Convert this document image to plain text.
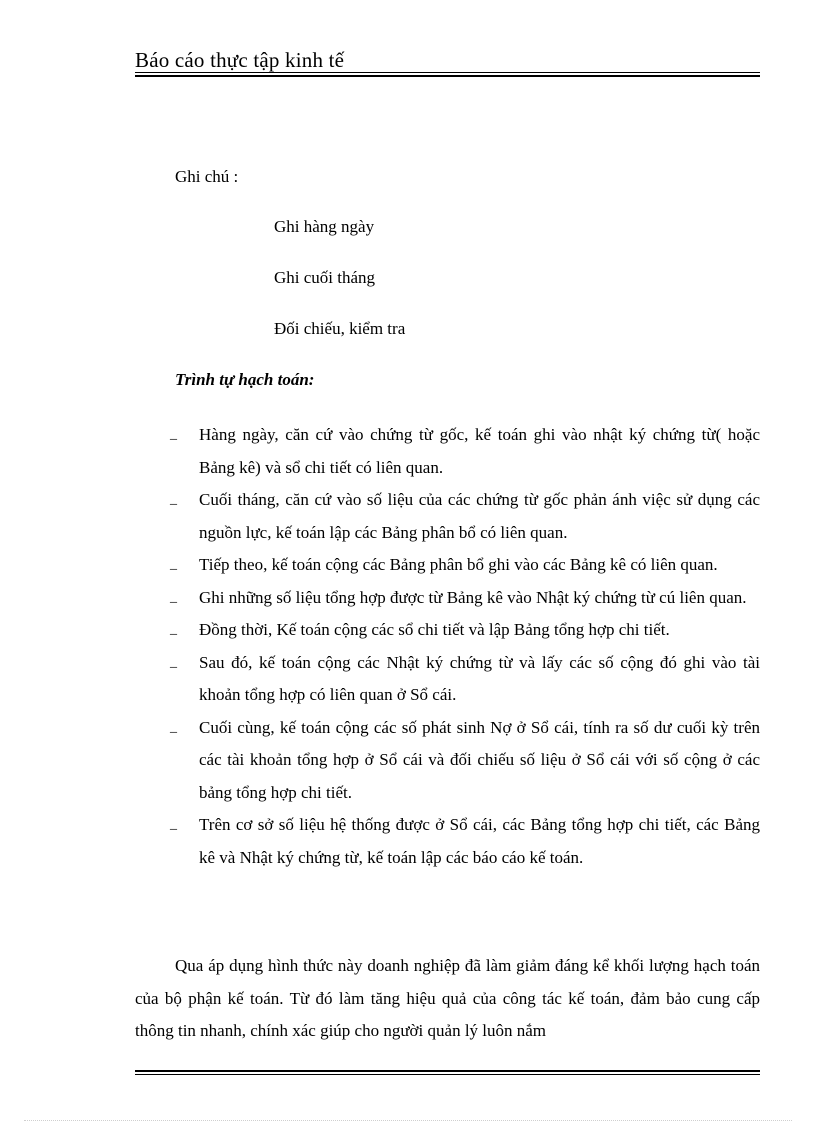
Báo cáo thực tập kinh tế
Ghi chú :
Ghi hàng ngày
Ghi cuối tháng
Đối chiếu, kiểm tra
Trình tự hạch toán:
_ Hàng ngày, căn cứ vào chứng từ gốc, kế toán ghi vào nhật ký chứng từ( hoặc Bảng kê) và sổ chi tiết có liên quan.
_ Cuối tháng, căn cứ vào số liệu của các chứng từ gốc phản ánh việc sử dụng các nguồn lực, kế toán lập các Bảng phân bổ có liên quan.
_ Tiếp theo, kế toán cộng các Bảng phân bổ ghi vào các Bảng kê có liên quan.
_ Ghi những số liệu tổng hợp được từ Bảng kê vào Nhật ký chứng từ cú liên quan.
_ Đồng thời, Kế toán cộng các sổ chi tiết và lập Bảng tổng hợp chi tiết.
_ Sau đó, kế toán cộng các Nhật ký chứng từ và lấy các số cộng đó ghi vào tài khoản tổng hợp có liên quan ở Sổ cái.
_ Cuối cùng, kế toán cộng các số phát sinh Nợ ở Sổ cái, tính ra số dư cuối kỳ trên các tài khoản tổng hợp ở Sổ cái và đối chiếu số liệu ở Sổ cái với số cộng ở các bảng tổng hợp chi tiết.
_ Trên cơ sở số liệu hệ thống được ở Sổ cái, các Bảng tổng hợp chi tiết, các Bảng kê và Nhật ký chứng từ, kế toán lập các báo cáo kế toán.

Qua áp dụng hình thức này doanh nghiệp đã làm giảm đáng kể khối lượng hạch toán của bộ phận kế toán. Từ đó làm tăng hiệu quả của công tác kế toán, đảm bảo cung cấp thông tin nhanh, chính xác giúp cho người quản lý luôn nắm
